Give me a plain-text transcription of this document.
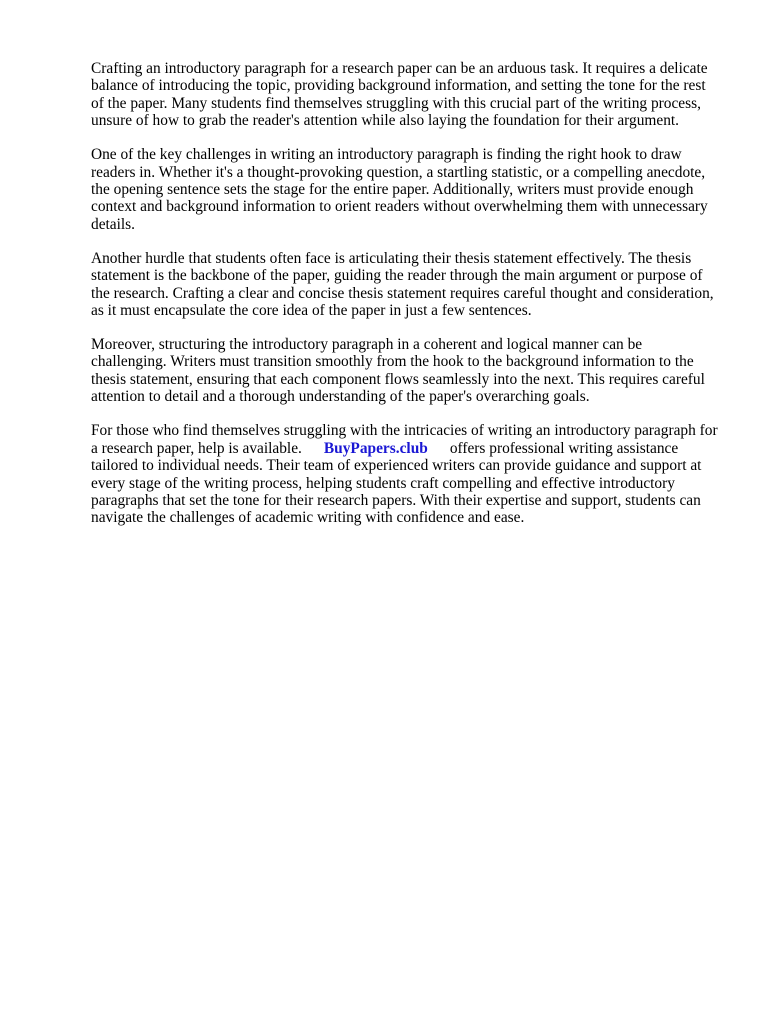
Crafting an introductory paragraph for a research paper can be an arduous task. It requires a delicate balance of introducing the topic, providing background information, and setting the tone for the rest of the paper. Many students find themselves struggling with this crucial part of the writing process, unsure of how to grab the reader's attention while also laying the foundation for their argument.

One of the key challenges in writing an introductory paragraph is finding the right hook to draw readers in. Whether it's a thought-provoking question, a startling statistic, or a compelling anecdote, the opening sentence sets the stage for the entire paper. Additionally, writers must provide enough context and background information to orient readers without overwhelming them with unnecessary details.

Another hurdle that students often face is articulating their thesis statement effectively. The thesis statement is the backbone of the paper, guiding the reader through the main argument or purpose of the research. Crafting a clear and concise thesis statement requires careful thought and consideration, as it must encapsulate the core idea of the paper in just a few sentences.

Moreover, structuring the introductory paragraph in a coherent and logical manner can be challenging. Writers must transition smoothly from the hook to the background information to the thesis statement, ensuring that each component flows seamlessly into the next. This requires careful attention to detail and a thorough understanding of the paper's overarching goals.

For those who find themselves struggling with the intricacies of writing an introductory paragraph for a research paper, help is available. BuyPapers.club offers professional writing assistance tailored to individual needs. Their team of experienced writers can provide guidance and support at every stage of the writing process, helping students craft compelling and effective introductory paragraphs that set the tone for their research papers. With their expertise and support, students can navigate the challenges of academic writing with confidence and ease.
